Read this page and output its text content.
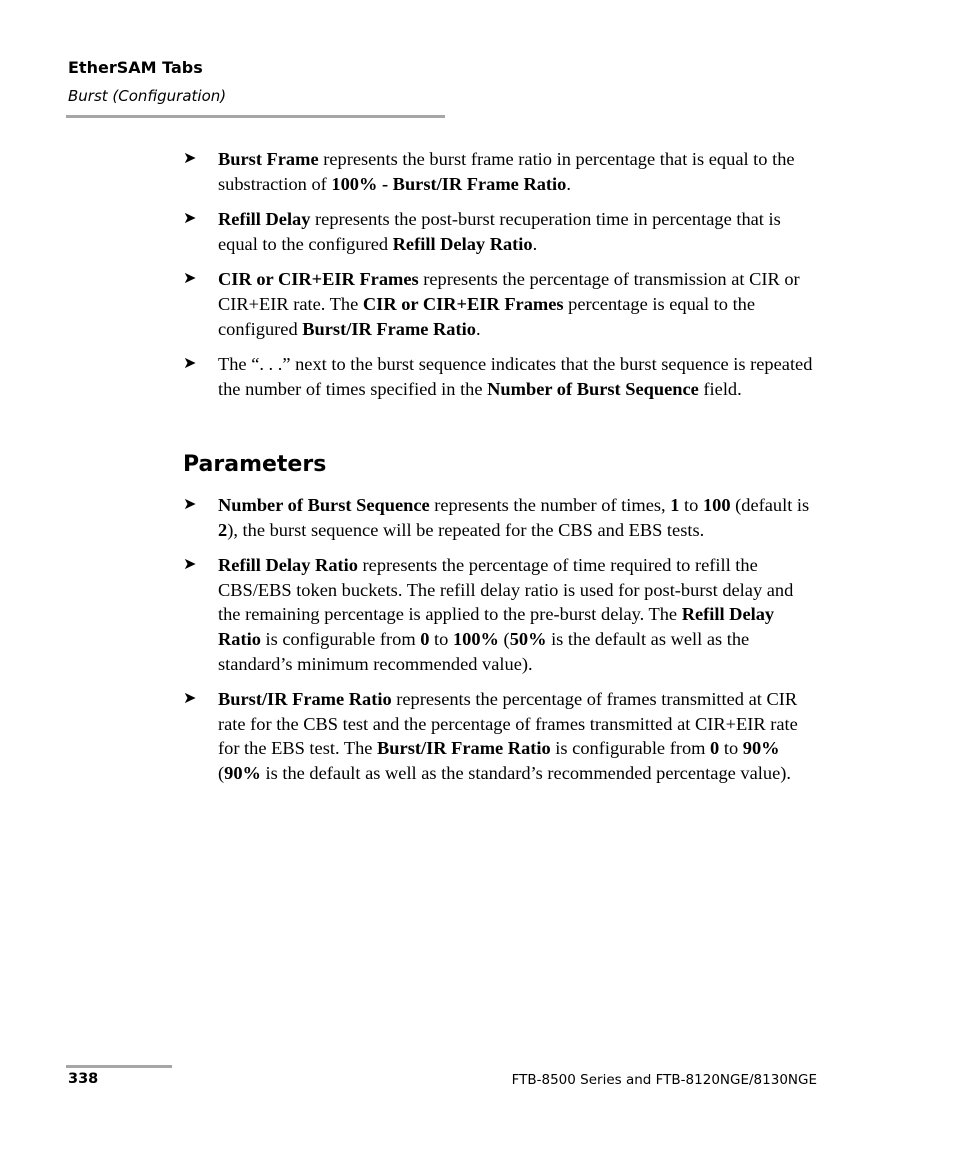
EtherSAM Tabs
Burst (Configuration)
➤ Burst Frame represents the burst frame ratio in percentage that is equal to the substraction of 100% - Burst/IR Frame Ratio.
➤ Refill Delay represents the post-burst recuperation time in percentage that is equal to the configured Refill Delay Ratio.
➤ CIR or CIR+EIR Frames represents the percentage of transmission at CIR or CIR+EIR rate. The CIR or CIR+EIR Frames percentage is equal to the configured Burst/IR Frame Ratio.
➤ The “. . .” next to the burst sequence indicates that the burst sequence is repeated the number of times specified in the Number of Burst Sequence field.
Parameters
➤ Number of Burst Sequence represents the number of times, 1 to 100 (default is 2), the burst sequence will be repeated for the CBS and EBS tests.
➤ Refill Delay Ratio represents the percentage of time required to refill the CBS/EBS token buckets. The refill delay ratio is used for post-burst delay and the remaining percentage is applied to the pre-burst delay. The Refill Delay Ratio is configurable from 0 to 100% (50% is the default as well as the standard’s minimum recommended value).
➤ Burst/IR Frame Ratio represents the percentage of frames transmitted at CIR rate for the CBS test and the percentage of frames transmitted at CIR+EIR rate for the EBS test. The Burst/IR Frame Ratio is configurable from 0 to 90% (90% is the default as well as the standard’s recommended percentage value).
338	FTB-8500 Series and FTB-8120NGE/8130NGE
